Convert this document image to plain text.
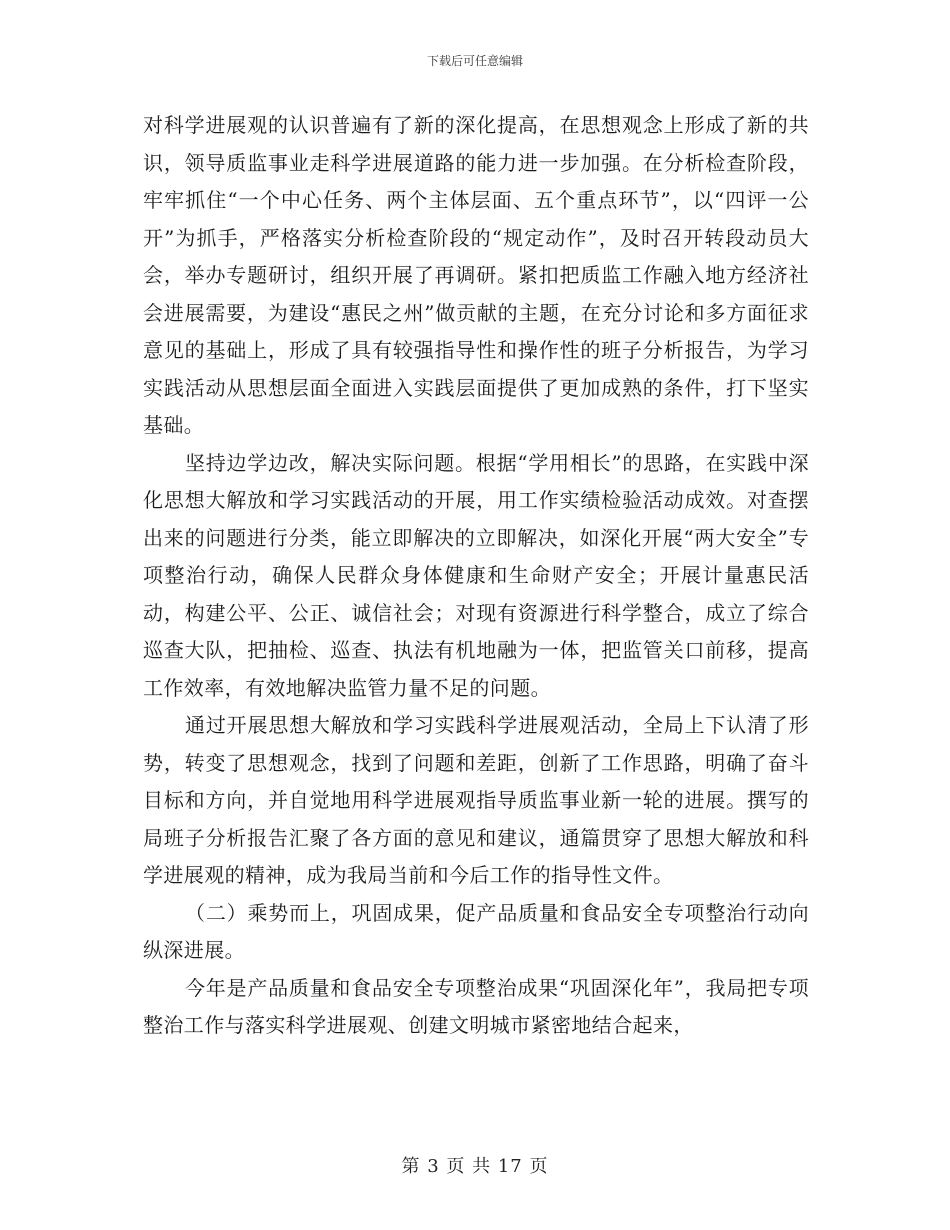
下载后可任意编辑

对科学进展观的认识普遍有了新的深化提高，在思想观念上形成了新的共识，领导质监事业走科学进展道路的能力进一步加强。在分析检查阶段，牢牢抓住“一个中心任务、两个主体层面、五个重点环节”，以“四评一公开”为抓手，严格落实分析检查阶段的“规定动作”，及时召开转段动员大会，举办专题研讨，组织开展了再调研。紧扣把质监工作融入地方经济社会进展需要，为建设“惠民之州”做贡献的主题，在充分讨论和多方面征求意见的基础上，形成了具有较强指导性和操作性的班子分析报告，为学习实践活动从思想层面全面进入实践层面提供了更加成熟的条件，打下坚实基础。

坚持边学边改，解决实际问题。根据“学用相长”的思路，在实践中深化思想大解放和学习实践活动的开展，用工作实绩检验活动成效。对查摆出来的问题进行分类，能立即解决的立即解决，如深化开展“两大安全”专项整治行动，确保人民群众身体健康和生命财产安全；开展计量惠民活动，构建公平、公正、诚信社会；对现有资源进行科学整合，成立了综合巡查大队，把抽检、巡查、执法有机地融为一体，把监管关口前移，提高工作效率，有效地解决监管力量不足的问题。

通过开展思想大解放和学习实践科学进展观活动，全局上下认清了形势，转变了思想观念，找到了问题和差距，创新了工作思路，明确了奋斗目标和方向，并自觉地用科学进展观指导质监事业新一轮的进展。撰写的局班子分析报告汇聚了各方面的意见和建议，通篇贯穿了思想大解放和科学进展观的精神，成为我局当前和今后工作的指导性文件。

（二）乘势而上，巩固成果，促产品质量和食品安全专项整治行动向纵深进展。

今年是产品质量和食品安全专项整治成果“巩固深化年”，我局把专项整治工作与落实科学进展观、创建文明城市紧密地结合起来，

第 3 页 共 17 页
